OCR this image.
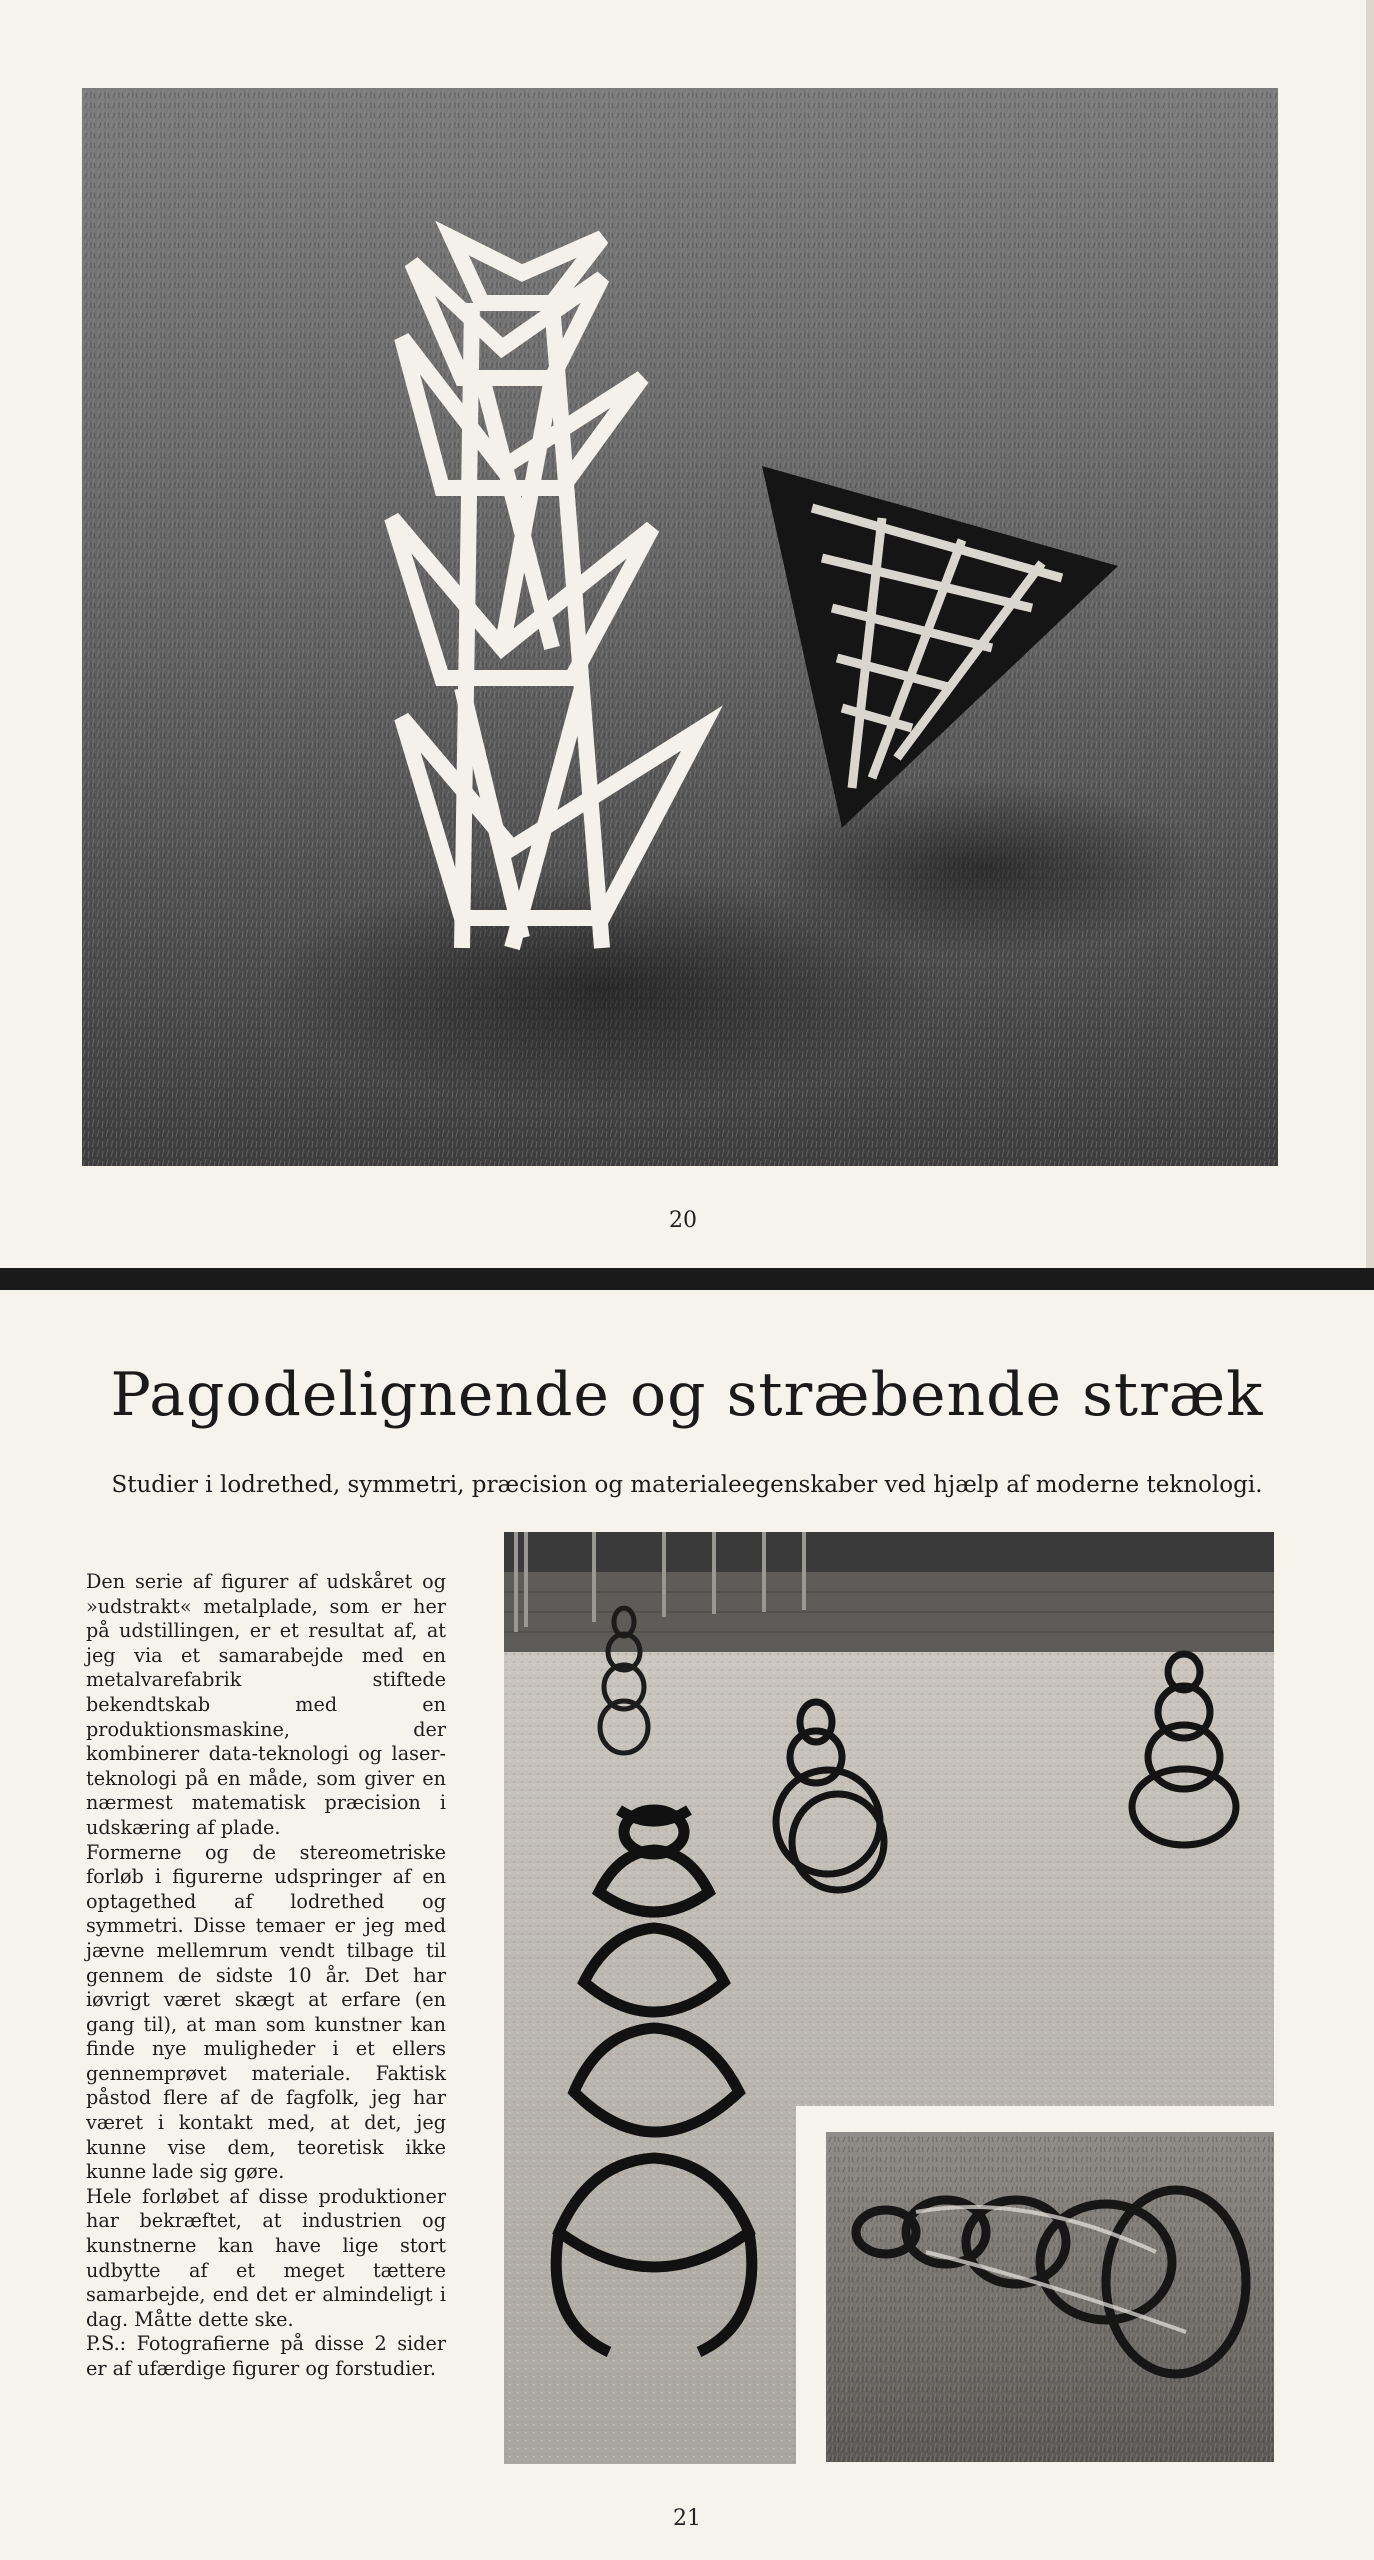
20
Pagodelignende og stræbende stræk

Studier i lodrethed, symmetri, præcision og materialeegenskaber ved hjælp af moderne teknologi.

Den serie af figurer af udskåret og »udstrakt« metalplade, som er her på udstillingen, er et resultat af, at jeg via et samarabejde med en metalvarefabrik stiftede bekendtskab med en produktionsmaskine, der kombinerer data-teknologi og laser-teknologi på en måde, som giver en nærmest matematisk præcision i udskæring af plade.

Formerne og de stereometriske forløb i figurerne udspringer af en optagethed af lodrethed og symmetri. Disse temaer er jeg med jævne mellemrum vendt tilbage til gennem de sidste 10 år. Det har iøvrigt været skægt at erfare (en gang til), at man som kunstner kan finde nye muligheder i et ellers gennemprøvet materiale. Faktisk påstod flere af de fagfolk, jeg har været i kontakt med, at det, jeg kunne vise dem, teoretisk ikke kunne lade sig gøre.

Hele forløbet af disse produktioner har bekræftet, at industrien og kunstnerne kan have lige stort udbytte af et meget tættere samarbejde, end det er almindeligt i dag. Måtte dette ske.

P.S.: Fotografierne på disse 2 sider er af ufærdige figurer og forstudier.

21
